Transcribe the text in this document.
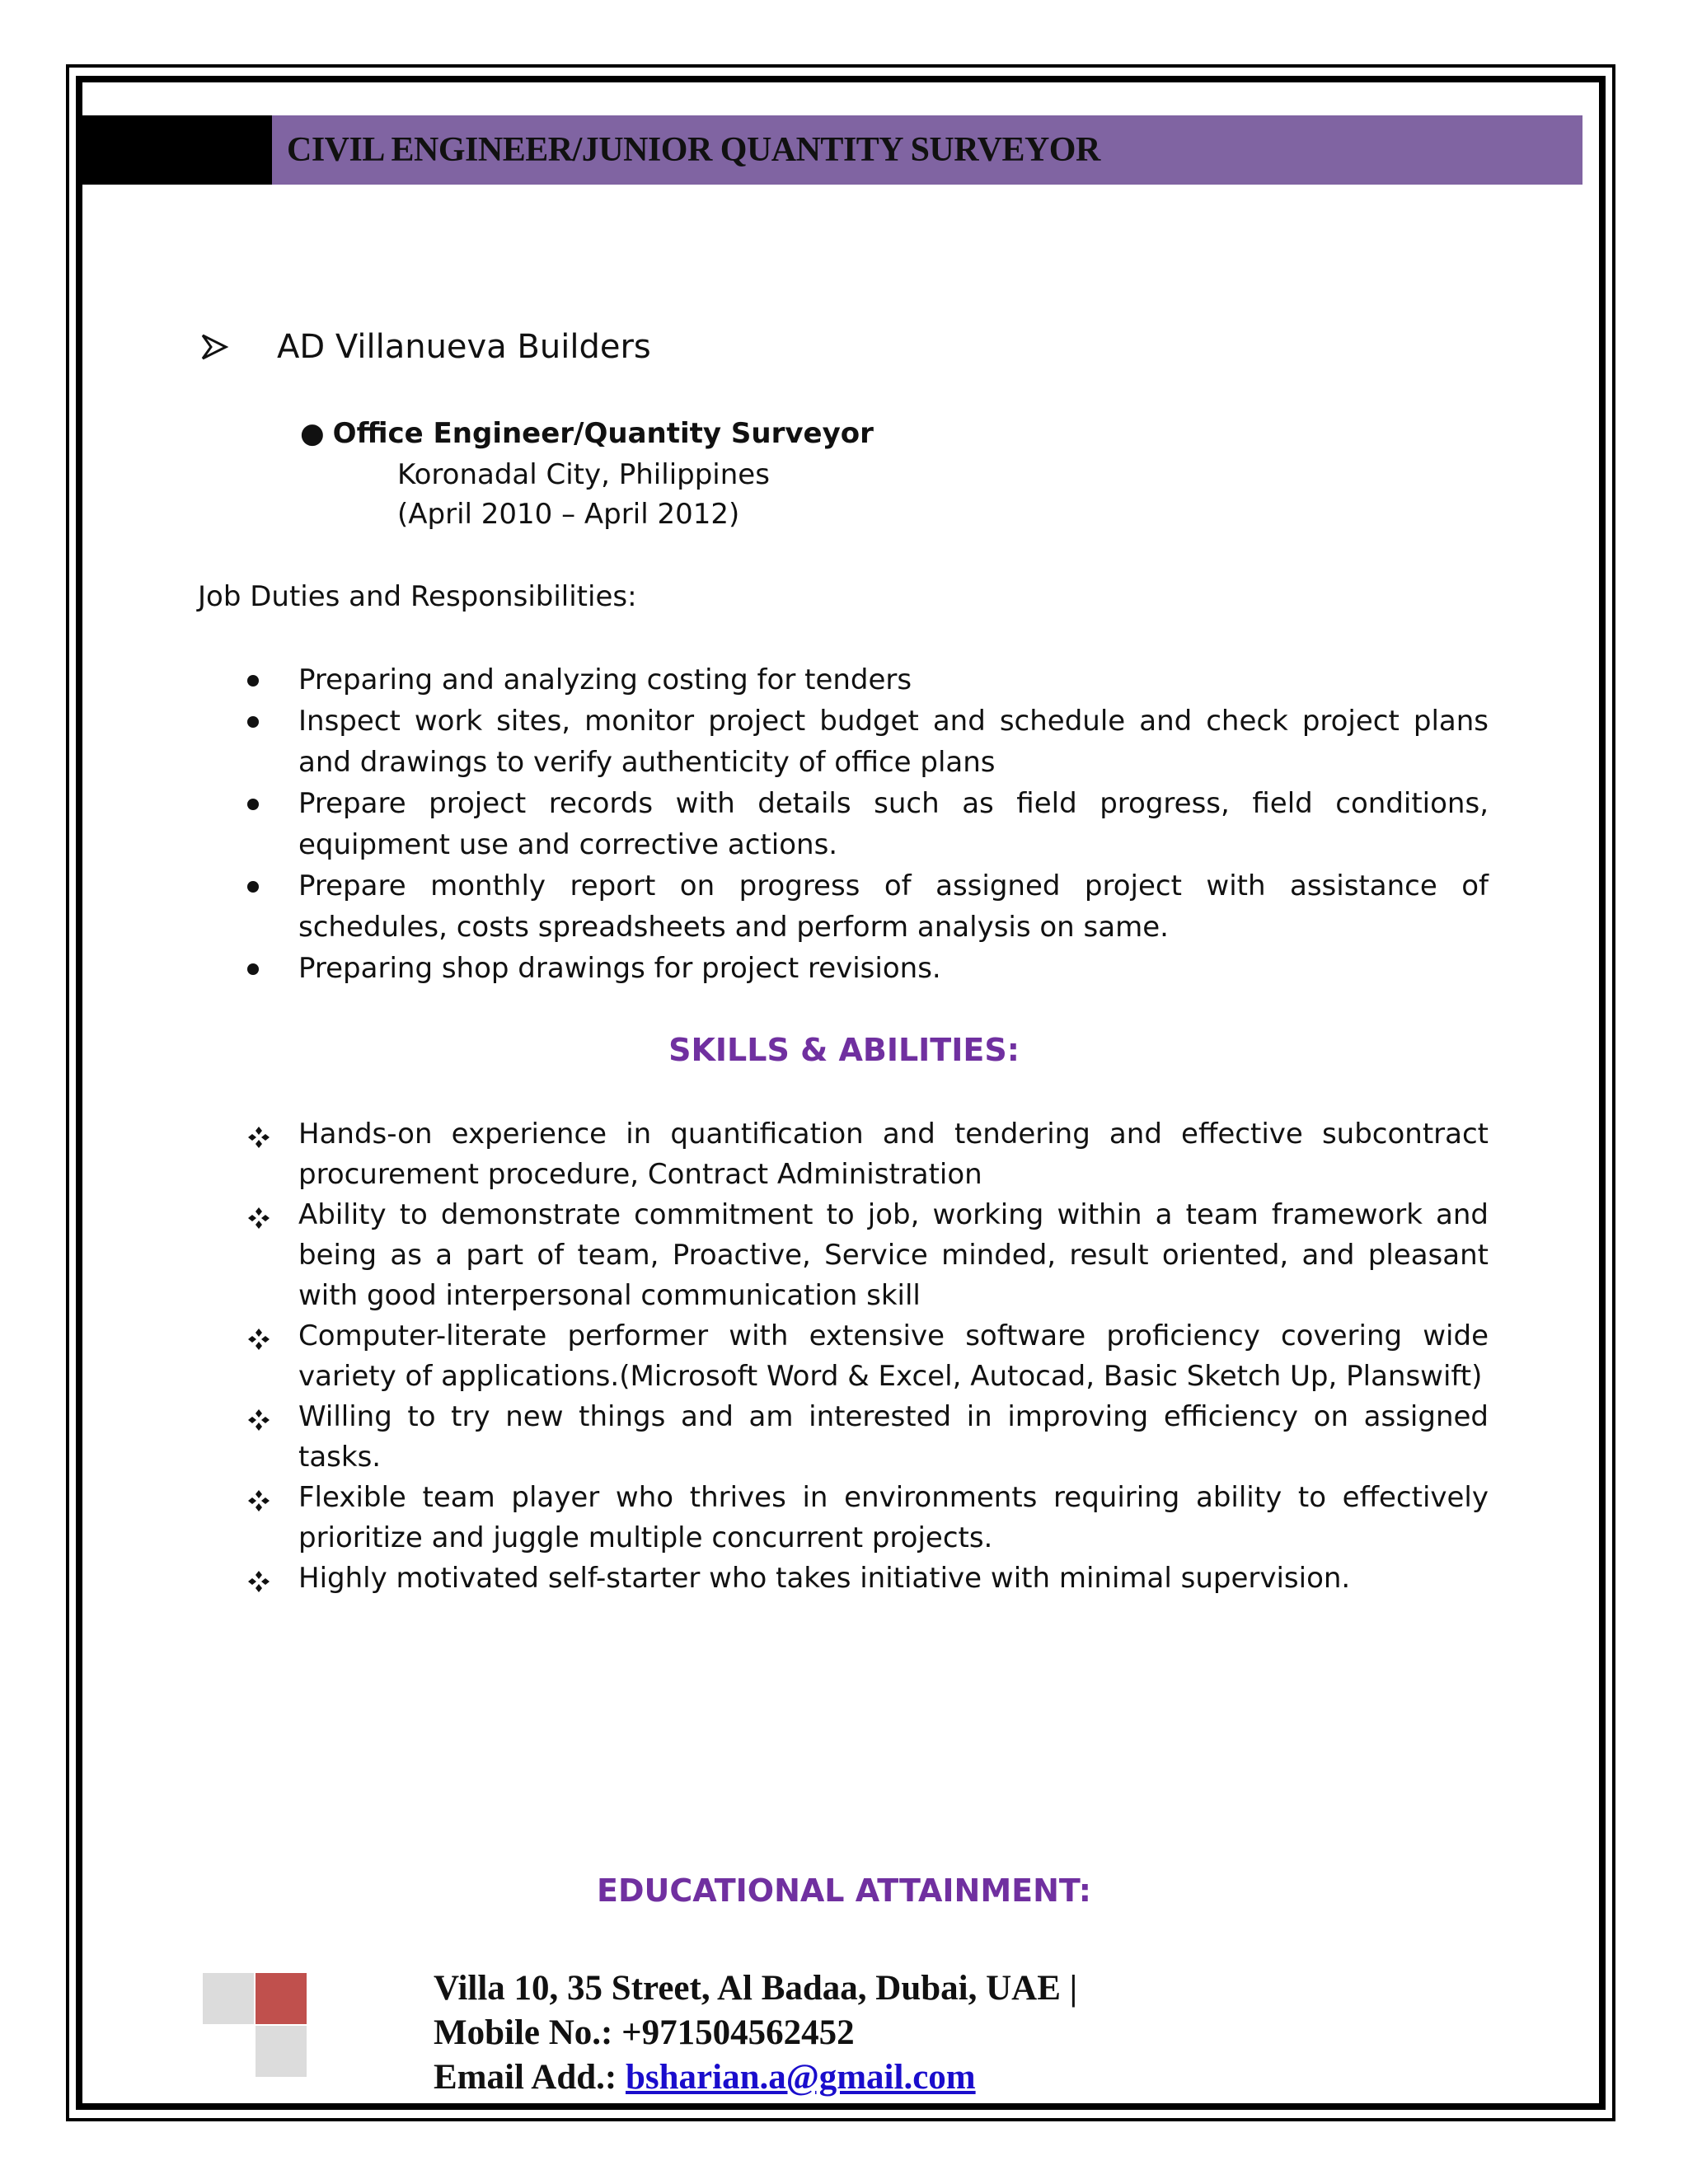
CIVIL ENGINEER/JUNIOR QUANTITY SURVEYOR
AD Villanueva Builders
● Office Engineer/Quantity Surveyor
Koronadal City, Philippines
(April 2010 – April 2012)
Job Duties and Responsibilities:
Preparing and analyzing costing for tenders
Inspect work sites, monitor project budget and schedule and check project plans and drawings to verify authenticity of office plans
Prepare project records with details such as field progress, field conditions, equipment use and corrective actions.
Prepare monthly report on progress of assigned project with assistance of schedules, costs spreadsheets and perform analysis on same.
Preparing shop drawings for project revisions.
SKILLS & ABILITIES:
Hands-on experience in quantification and tendering and effective subcontract procurement procedure, Contract Administration
Ability to demonstrate commitment to job, working within a team framework and being as a part of team, Proactive, Service minded, result oriented, and pleasant with good interpersonal communication skill
Computer-literate performer with extensive software proficiency covering wide variety of applications.(Microsoft Word & Excel, Autocad, Basic Sketch Up, Planswift)
Willing to try new things and am interested in improving efficiency on assigned tasks.
Flexible team player who thrives in environments requiring ability to effectively prioritize and juggle multiple concurrent projects.
Highly motivated self-starter who takes initiative with minimal supervision.
EDUCATIONAL ATTAINMENT:
Villa 10, 35 Street, Al Badaa, Dubai, UAE |
Mobile No.: +971504562452
Email Add.: bsharian.a@gmail.com
